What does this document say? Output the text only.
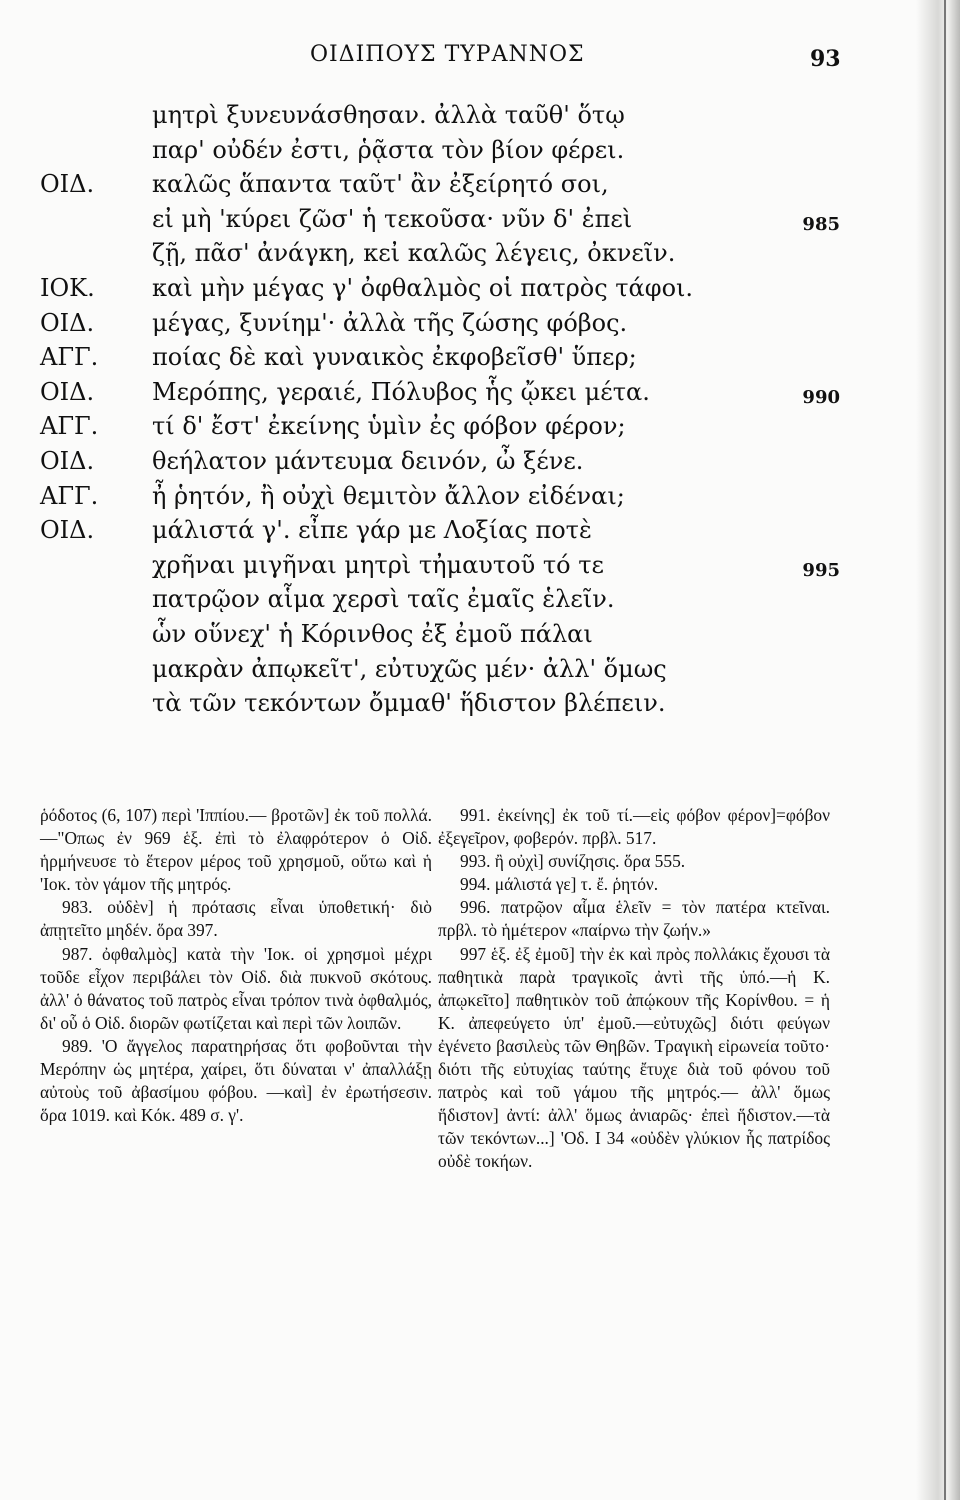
ΟΙΔΙΠΟΥΣ ΤΥΡΑΝΝΟΣ	93
μητρὶ ξυνευνάσθησαν. ἀλλὰ ταῦθ' ὅτῳ
παρ' οὐδέν ἐστι, ῥᾷστα τὸν βίον φέρει.
ΟΙΔ.	καλῶς ἅπαντα ταῦτ' ἂν ἐξείρητό σοι,
εἰ μὴ 'κύρει ζῶσ' ἡ τεκοῦσα· νῦν δ' ἐπεὶ	985
ζῇ, πᾶσ' ἀνάγκη, κεἰ καλῶς λέγεις, ὀκνεῖν.
ΙΟΚ.	καὶ μὴν μέγας γ' ὀφθαλμὸς οἱ πατρὸς τάφοι.
ΟΙΔ.	μέγας, ξυνίημ'· ἀλλὰ τῆς ζώσης φόβος.
ΑΓΓ.	ποίας δὲ καὶ γυναικὸς ἐκφοβεῖσθ' ὕπερ;
ΟΙΔ.	Μερόπης, γεραιέ, Πόλυβος ἧς ᾤκει μέτα.	990
ΑΓΓ.	τί δ' ἔστ' ἐκείνης ὑμὶν ἐς φόβον φέρον;
ΟΙΔ.	θεήλατον μάντευμα δεινόν, ὦ ξένε.
ΑΓΓ.	ἦ ῥητόν, ἢ οὐχὶ θεμιτὸν ἄλλον εἰδέναι;
ΟΙΔ.	μάλιστά γ'. εἶπε γάρ με Λοξίας ποτὲ
χρῆναι μιγῆναι μητρὶ τἠμαυτοῦ τό τε	995
πατρῷον αἷμα χερσὶ ταῖς ἐμαῖς ἑλεῖν.
ὧν οὕνεχ' ἡ Κόρινθος ἐξ ἐμοῦ πάλαι
μακρὰν ἀπῳκεῖτ', εὐτυχῶς μέν· ἀλλ' ὅμως
τὰ τῶν τεκόντων ὄμμαθ' ἥδιστον βλέπειν.
ῥόδοτος (6, 107) περὶ 'Ιππίου.— βροτῶν] ἐκ τοῦ πολλά.—"Οπως ἐν 969 ἑξ. ἐπὶ τὸ ἐλαφρότερον ὁ Οἰδ. ἡρμήνευσε τὸ ἕτερον μέρος τοῦ χρησμοῦ, οὕτω καὶ ἡ 'Ιοκ. τὸν γάμον τῆς μητρός.
983. οὐδὲν] ἡ πρότασις εἶναι ὑποθετική· διὸ ἀπῃτεῖτο μηδέν. ὅρα 397.
987. ὀφθαλμὸς] κατὰ τὴν 'Ιοκ. οἱ χρησμοὶ μέχρι τοῦδε εἶχον περιβάλει τὸν Οἰδ. διὰ πυκνοῦ σκότους. ἀλλ' ὁ θάνατος τοῦ πατρὸς εἶναι τρόπον τινὰ ὀφθαλμός, δι' οὗ ὁ Οἰδ. διορῶν φωτίζεται καὶ περὶ τῶν λοιπῶν.
989. 'Ο ἄγγελος παρατηρήσας ὅτι φοβοῦνται τὴν Μερόπην ὡς μητέρα, χαίρει, ὅτι δύναται ν' ἀπαλλάξῃ αὐτοὺς τοῦ ἀβασίμου φόβου. —καὶ] ἐν ἐρωτήσεσιν. ὅρα 1019. καὶ Κόκ. 489 σ. γ'.
991. ἐκείνης] ἐκ τοῦ τί.—εἰς φόβον φέρον]=φόβον ἐξεγεῖρον, φοβερόν. πρβλ. 517.
993. ἢ οὐχὶ] συνίζησις. ὅρα 555.
994. μάλιστά γε] τ. ἔ. ῥητόν.
996. πατρῷον αἷμα ἑλεῖν = τὸν πατέρα κτεῖναι. πρβλ. τὸ ἡμέτερον «παίρνω τὴν ζωήν.»
997 ἑξ. ἐξ ἐμοῦ] τὴν ἐκ καὶ πρὸς πολλάκις ἔχουσι τὰ παθητικὰ παρὰ τραγικοῖς ἀντὶ τῆς ὑπό.—ἡ Κ. ἀπῳκεῖτο] παθητικὸν τοῦ ἀπῴκουν τῆς Κορίνθου. = ἡ Κ. ἀπεφεύγετο ὑπ' ἐμοῦ.—εὐτυχῶς] διότι φεύγων ἐγένετο βασιλεὺς τῶν Θηβῶν. Τραγικὴ εἰρωνεία τοῦτο· διότι τῆς εὐτυχίας ταύτης ἔτυχε διὰ τοῦ φόνου τοῦ πατρὸς καὶ τοῦ γάμου τῆς μητρός.— ἀλλ' ὅμως ἥδιστον] ἀντί: ἀλλ' ὅμως ἀνιαρῶς· ἐπεὶ ἥδιστον.—τὰ τῶν τεκόντων...] 'Οδ. Ι 34 «οὐδὲν γλύκιον ἧς πατρίδος οὐδὲ τοκήων.
